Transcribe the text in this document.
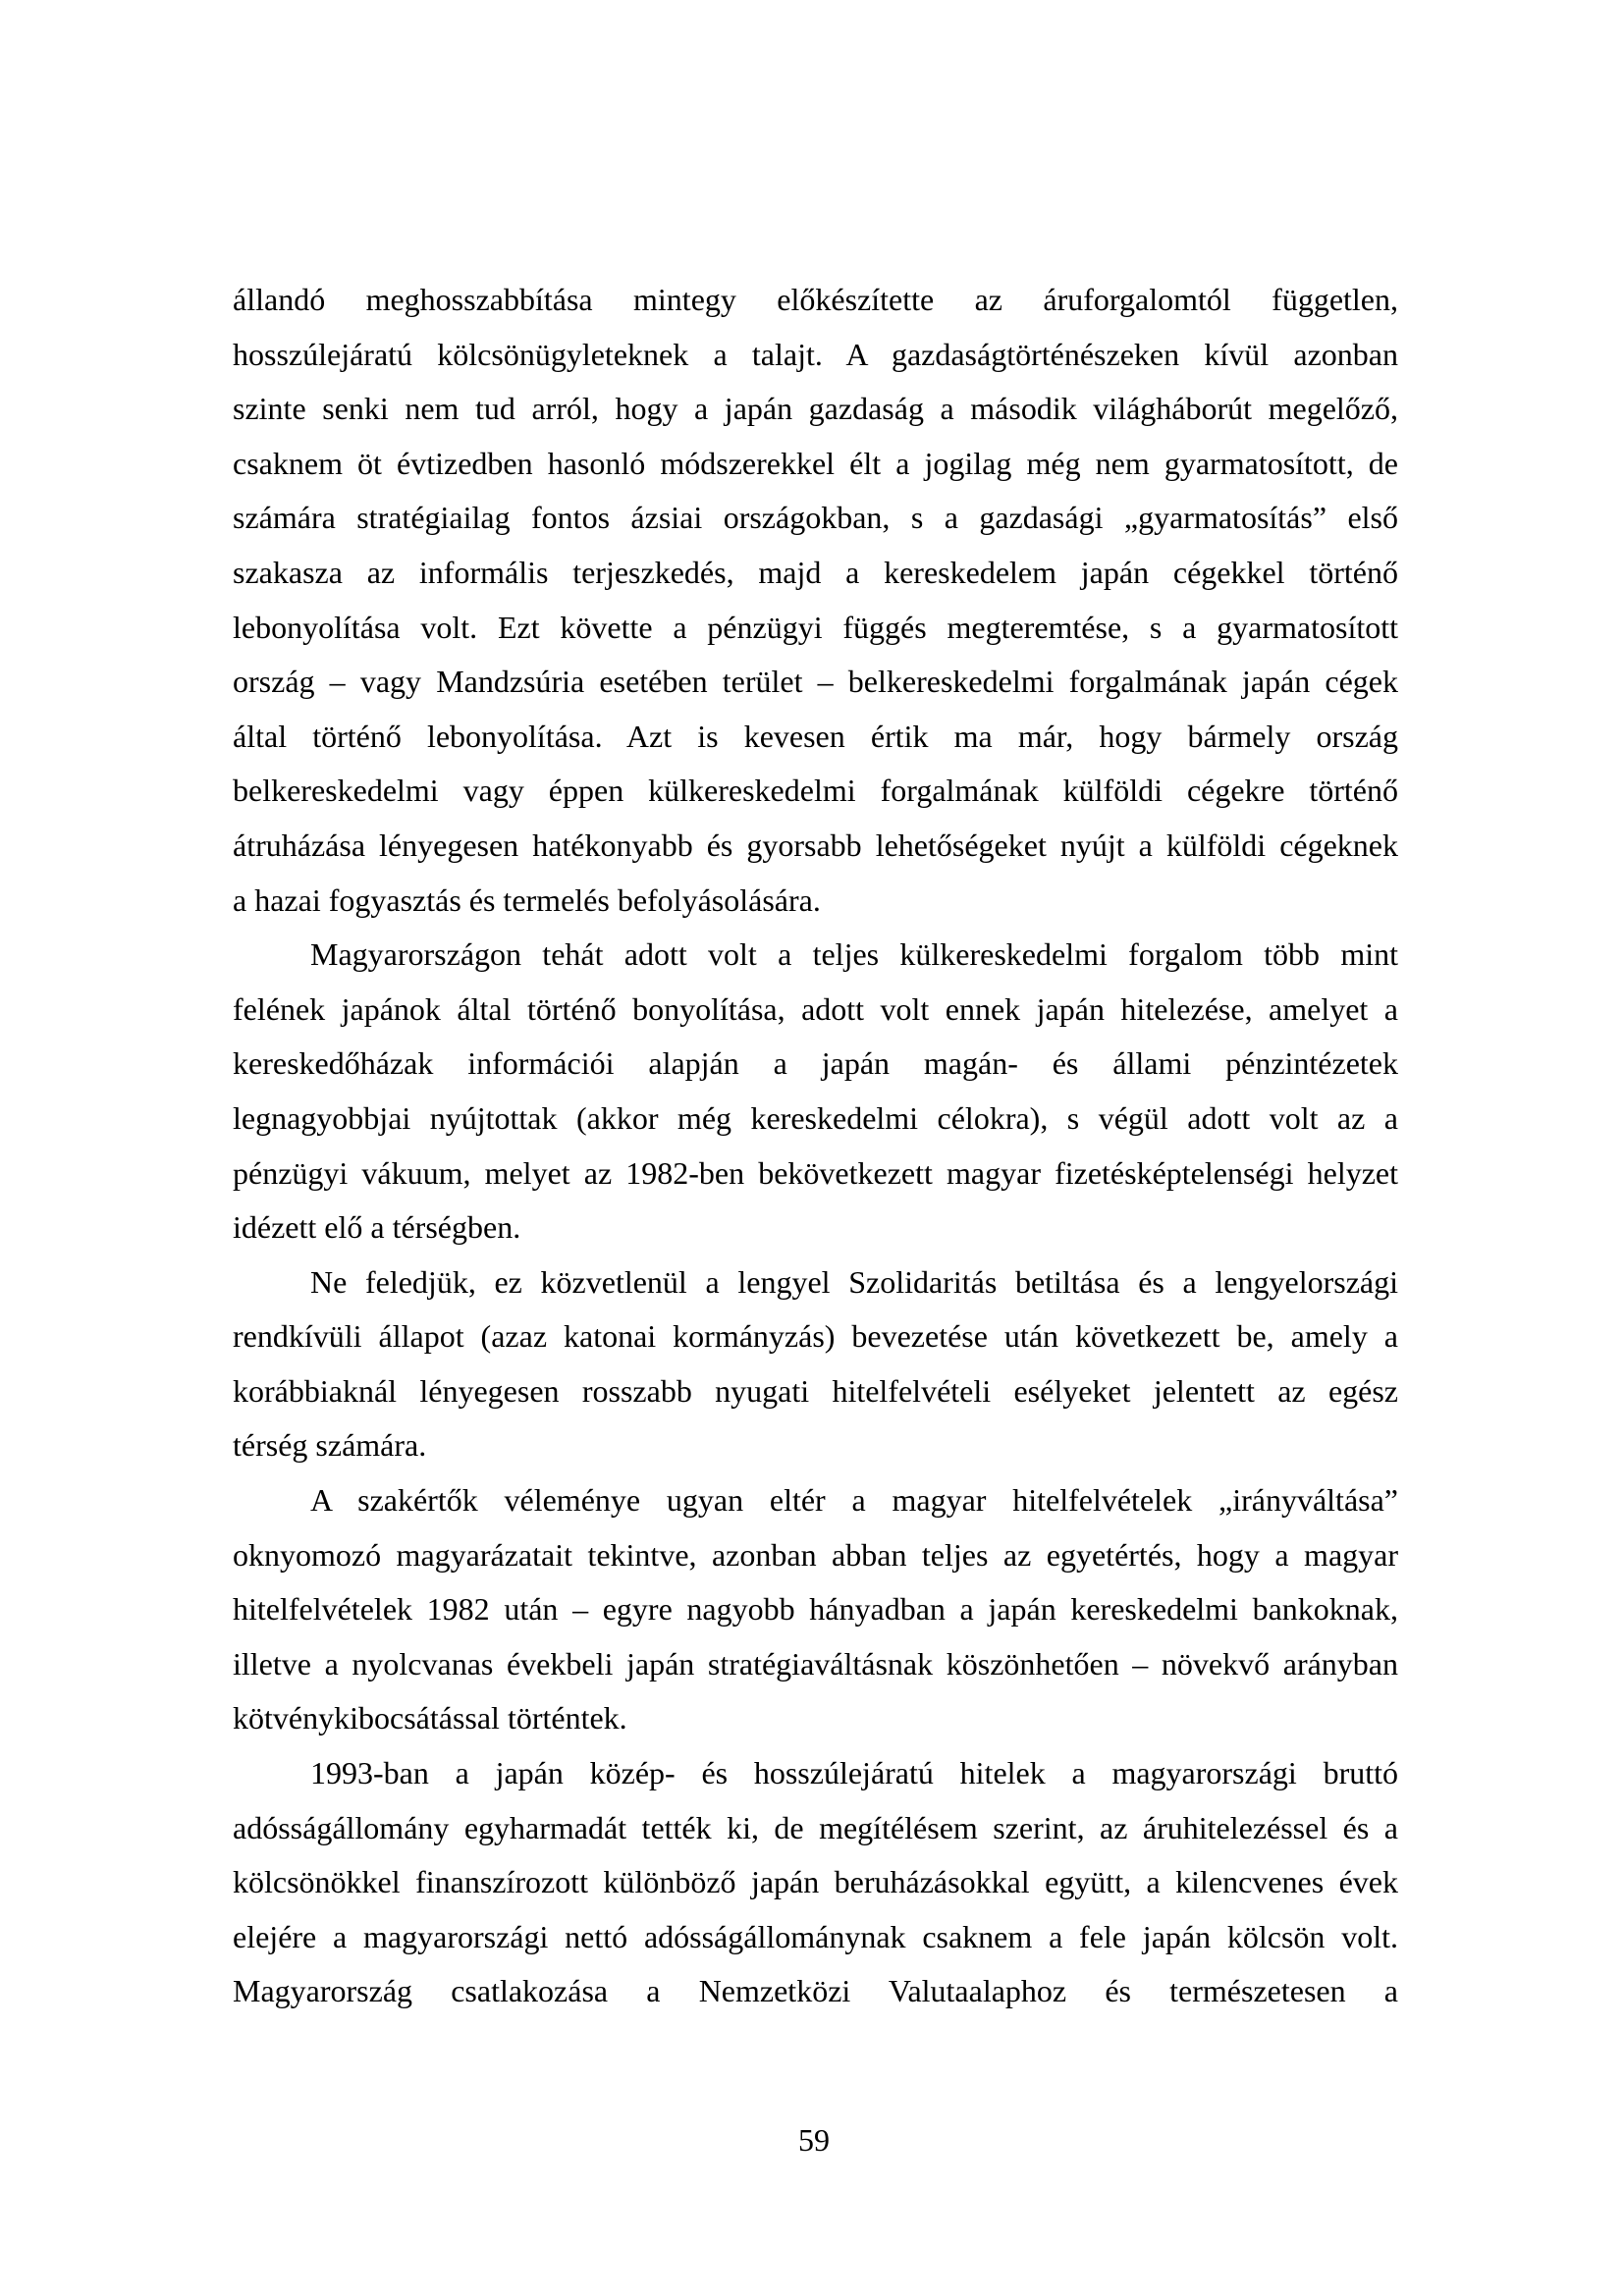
állandó meghosszabbítása mintegy előkészítette az áruforgalomtól független,
hosszúlejáratú kölcsönügyleteknek a talajt. A gazdaságtörténészeken kívül azonban
szinte senki nem tud arról, hogy a japán gazdaság a második világháborút megelőző,
csaknem öt évtizedben hasonló módszerekkel élt a jogilag még nem gyarmatosított, de
számára stratégiailag fontos ázsiai országokban, s a gazdasági „gyarmatosítás” első
szakasza az informális terjeszkedés, majd a kereskedelem japán cégekkel történő
lebonyolítása volt. Ezt követte a pénzügyi függés megteremtése, s a gyarmatosított
ország – vagy Mandzsúria esetében terület – belkereskedelmi forgalmának japán cégek
által történő lebonyolítása. Azt is kevesen értik ma már, hogy bármely ország
belkereskedelmi vagy éppen külkereskedelmi forgalmának külföldi cégekre történő
átruházása lényegesen hatékonyabb és gyorsabb lehetőségeket nyújt a külföldi cégeknek
a hazai fogyasztás és termelés befolyásolására.
Magyarországon tehát adott volt a teljes külkereskedelmi forgalom több mint
felének japánok által történő bonyolítása, adott volt ennek japán hitelezése, amelyet a
kereskedőházak információi alapján a japán magán- és állami pénzintézetek
legnagyobbjai nyújtottak (akkor még kereskedelmi célokra), s végül adott volt az a
pénzügyi vákuum, melyet az 1982-ben bekövetkezett magyar fizetésképtelenségi helyzet
idézett elő a térségben.
Ne feledjük, ez közvetlenül a lengyel Szolidaritás betiltása és a lengyelországi
rendkívüli állapot (azaz katonai kormányzás) bevezetése után következett be, amely a
korábbiaknál lényegesen rosszabb nyugati hitelfelvételi esélyeket jelentett az egész
térség számára.
A szakértők véleménye ugyan eltér a magyar hitelfelvételek „irányváltása”
oknyomozó magyarázatait tekintve, azonban abban teljes az egyetértés, hogy a magyar
hitelfelvételek 1982 után – egyre nagyobb hányadban a japán kereskedelmi bankoknak,
illetve a nyolcvanas évekbeli japán stratégiaváltásnak köszönhetően – növekvő arányban
kötvénykibocsátással történtek.
1993-ban a japán közép- és hosszúlejáratú hitelek a magyarországi bruttó
adósságállomány egyharmadát tették ki, de megítélésem szerint, az áruhitelezéssel és a
kölcsönökkel finanszírozott különböző japán beruházásokkal együtt, a kilencvenes évek
elejére a magyarországi nettó adósságállománynak csaknem a fele japán kölcsön volt.
Magyarország csatlakozása a Nemzetközi Valutaalaphoz és természetesen a
59
